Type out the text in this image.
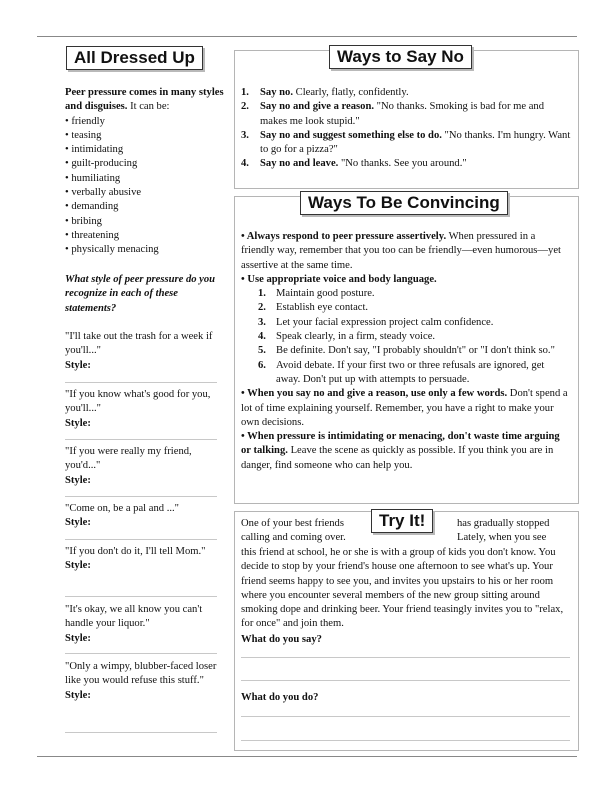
All Dressed Up
Peer pressure comes in many styles and disguises. It can be:
• friendly
• teasing
• intimidating
• guilt-producing
• humiliating
• verbally abusive
• demanding
• bribing
• threatening
• physically menacing
What style of peer pressure do you recognize in each of these statements?
"I'll take out the trash for a week if you'll..."
Style:
"If you know what's good for you, you'll..."
Style:
"If you were really my friend, you'd..."
Style:
"Come on, be a pal and ..."
Style:
"If you don't do it, I'll tell Mom."
Style:
"It's okay, we all know you can't handle your liquor."
Style:
"Only a wimpy, blubber-faced loser like you would refuse this stuff."
Style:
Ways to Say No
1. Say no. Clearly, flatly, confidently.
2. Say no and give a reason. "No thanks. Smoking is bad for me and makes me look stupid."
3. Say no and suggest something else to do. "No thanks. I'm hungry. Want to go for a pizza?"
4. Say no and leave. "No thanks. See you around."
Ways To Be Convincing
• Always respond to peer pressure assertively. When pressured in a friendly way, remember that you too can be friendly—even humorous—yet assertive at the same time.
• Use appropriate voice and body language.
1. Maintain good posture.
2. Establish eye contact.
3. Let your facial expression project calm confidence.
4. Speak clearly, in a firm, steady voice.
5. Be definite. Don't say, "I probably shouldn't" or "I don't think so."
6. Avoid debate. If your first two or three refusals are ignored, get away. Don't put up with attempts to persuade.
• When you say no and give a reason, use only a few words. Don't spend a lot of time explaining yourself. Remember, you have a right to make your own decisions.
• When pressure is intimidating or menacing, don't waste time arguing or talking. Leave the scene as quickly as possible. If you think you are in danger, find someone who can help you.
Try It!
One of your best friends
calling and coming over.
has gradually stopped
Lately, when you see
this friend at school, he or she is with a group of kids you don't know. You decide to stop by your friend's house one afternoon to see what's up. Your friend seems happy to see you, and invites you upstairs to his or her room where you encounter several members of the new group sitting around smoking dope and drinking beer. Your friend teasingly invites you to "relax, for once" and join them.
What do you say?
What do you do?
